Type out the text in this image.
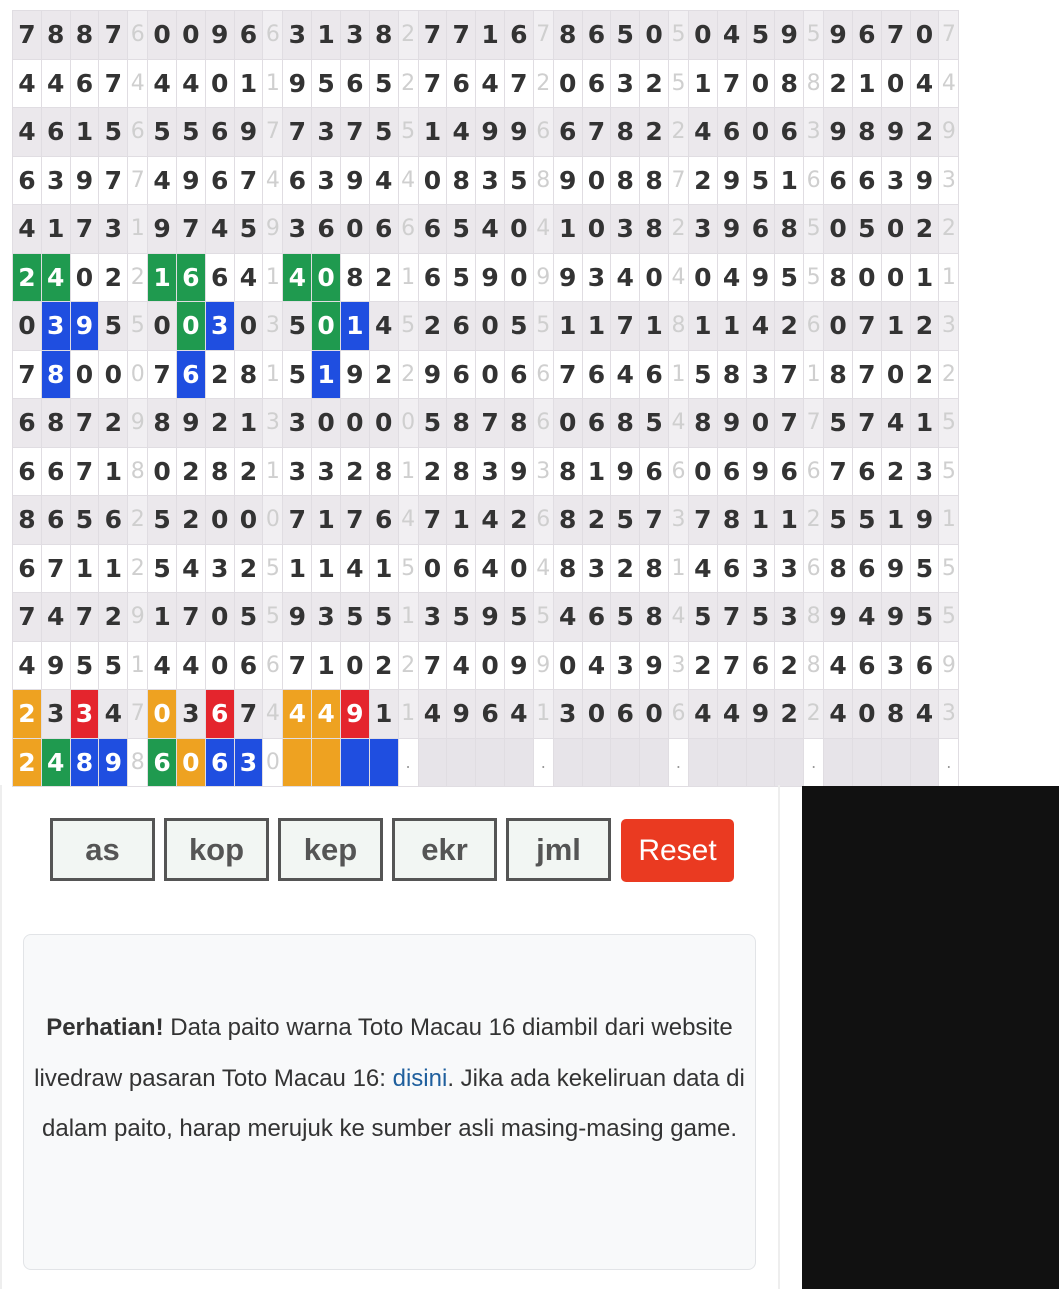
7	8	8	7	6	0	0	9	6	6	3	1	3	8	2	7	7	1	6	7	8	6	5	0	5	0	4	5	9	5	9	6	7	0	7
4	4	6	7	4	4	4	0	1	1	9	5	6	5	2	7	6	4	7	2	0	6	3	2	5	1	7	0	8	8	2	1	0	4	4
4	6	1	5	6	5	5	6	9	7	7	3	7	5	5	1	4	9	9	6	6	7	8	2	2	4	6	0	6	3	9	8	9	2	9
6	3	9	7	7	4	9	6	7	4	6	3	9	4	4	0	8	3	5	8	9	0	8	8	7	2	9	5	1	6	6	6	3	9	3
4	1	7	3	1	9	7	4	5	9	3	6	0	6	6	6	5	4	0	4	1	0	3	8	2	3	9	6	8	5	0	5	0	2	2
2	4	0	2	2	1	6	6	4	1	4	0	8	2	1	6	5	9	0	9	9	3	4	0	4	0	4	9	5	5	8	0	0	1	1
0	3	9	5	5	0	0	3	0	3	5	0	1	4	5	2	6	0	5	5	1	1	7	1	8	1	1	4	2	6	0	7	1	2	3
7	8	0	0	0	7	6	2	8	1	5	1	9	2	2	9	6	0	6	6	7	6	4	6	1	5	8	3	7	1	8	7	0	2	2
6	8	7	2	9	8	9	2	1	3	3	0	0	0	0	5	8	7	8	6	0	6	8	5	4	8	9	0	7	7	5	7	4	1	5
6	6	7	1	8	0	2	8	2	1	3	3	2	8	1	2	8	3	9	3	8	1	9	6	6	0	6	9	6	6	7	6	2	3	5
8	6	5	6	2	5	2	0	0	0	7	1	7	6	4	7	1	4	2	6	8	2	5	7	3	7	8	1	1	2	5	5	1	9	1
6	7	1	1	2	5	4	3	2	5	1	1	4	1	5	0	6	4	0	4	8	3	2	8	1	4	6	3	3	6	8	6	9	5	5
7	4	7	2	9	1	7	0	5	5	9	3	5	5	1	3	5	9	5	5	4	6	5	8	4	5	7	5	3	8	9	4	9	5	5
4	9	5	5	1	4	4	0	6	6	7	1	0	2	2	7	4	0	9	9	0	4	3	9	3	2	7	6	2	8	4	6	3	6	9
2	3	3	4	7	0	3	6	7	4	4	4	9	1	1	4	9	6	4	1	3	0	6	0	6	4	4	9	2	2	4	0	8	4	3
2	4	8	9	8	6	0	6	3	0					.					.					.					.					.
as	kop	kep	ekr	jml	Reset
Perhatian! Data paito warna Toto Macau 16 diambil dari website livedraw pasaran Toto Macau 16: disini. Jika ada kekeliruan data di dalam paito, harap merujuk ke sumber asli masing-masing game.
